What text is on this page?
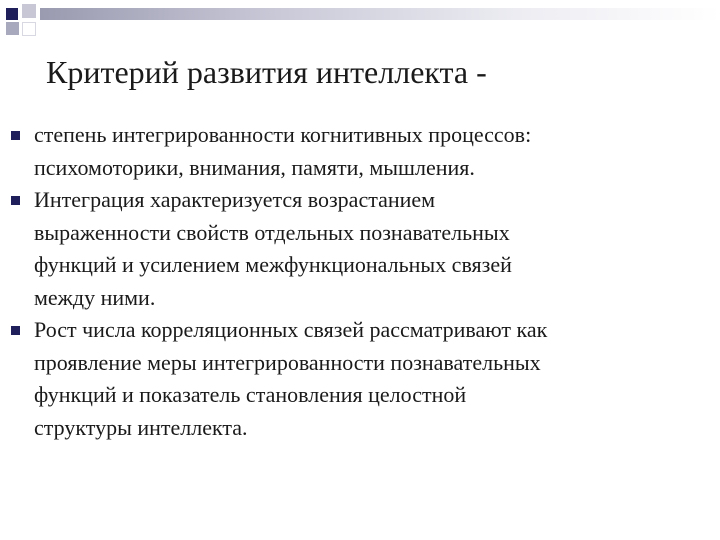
Критерий развития интеллекта -
степень интегрированности когнитивных процессов:
психомоторики, внимания, памяти, мышления.
Интеграция характеризуется возрастанием
выраженности свойств отдельных познавательных
функций и усилением межфункциональных связей
между ними.
Рост числа корреляционных связей рассматривают как
проявление меры интегрированности познавательных
функций и показатель становления целостной
структуры интеллекта.
